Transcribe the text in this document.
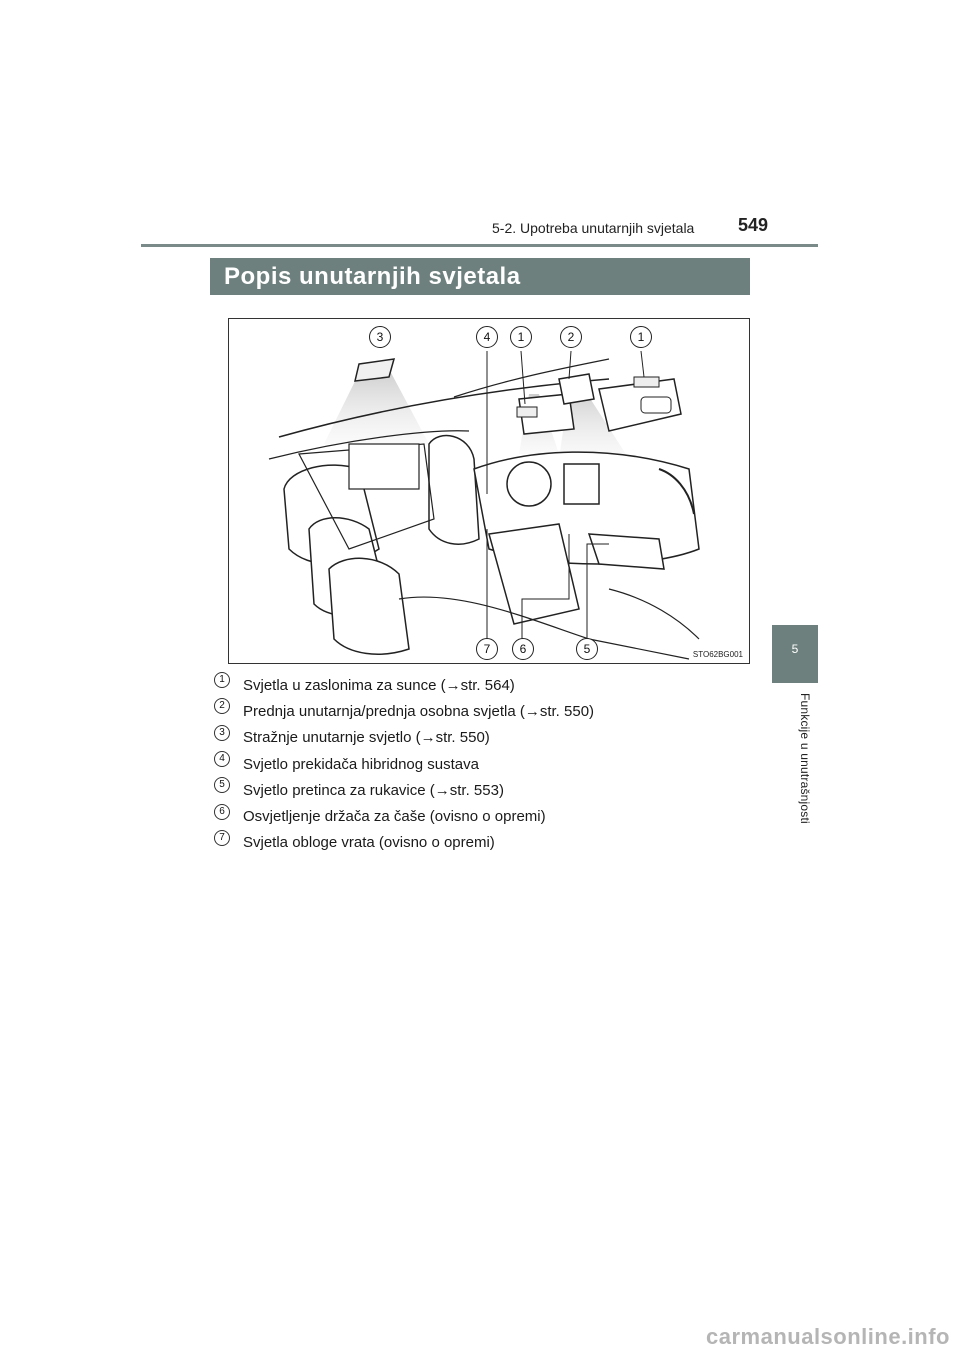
5-2. Upotreba unutarnjih svjetala 549
Popis unutarnjih svjetala
3	4	1	2	1
7	6	5	STO62BG001
1	Svjetla u zaslonima za sunce (→str. 564)
2	Prednja unutarnja/prednja osobna svjetla (→str. 550)
3	Stražnje unutarnje svjetlo (→str. 550)
4	Svjetlo prekidača hibridnog sustava
5	Svjetlo pretinca za rukavice (→str. 553)
6	Osvjetljenje držača za čaše (ovisno o opremi)
7	Svjetla obloge vrata (ovisno o opremi)
5
Funkcije u unutrašnjosti
carmanualsonline.info
